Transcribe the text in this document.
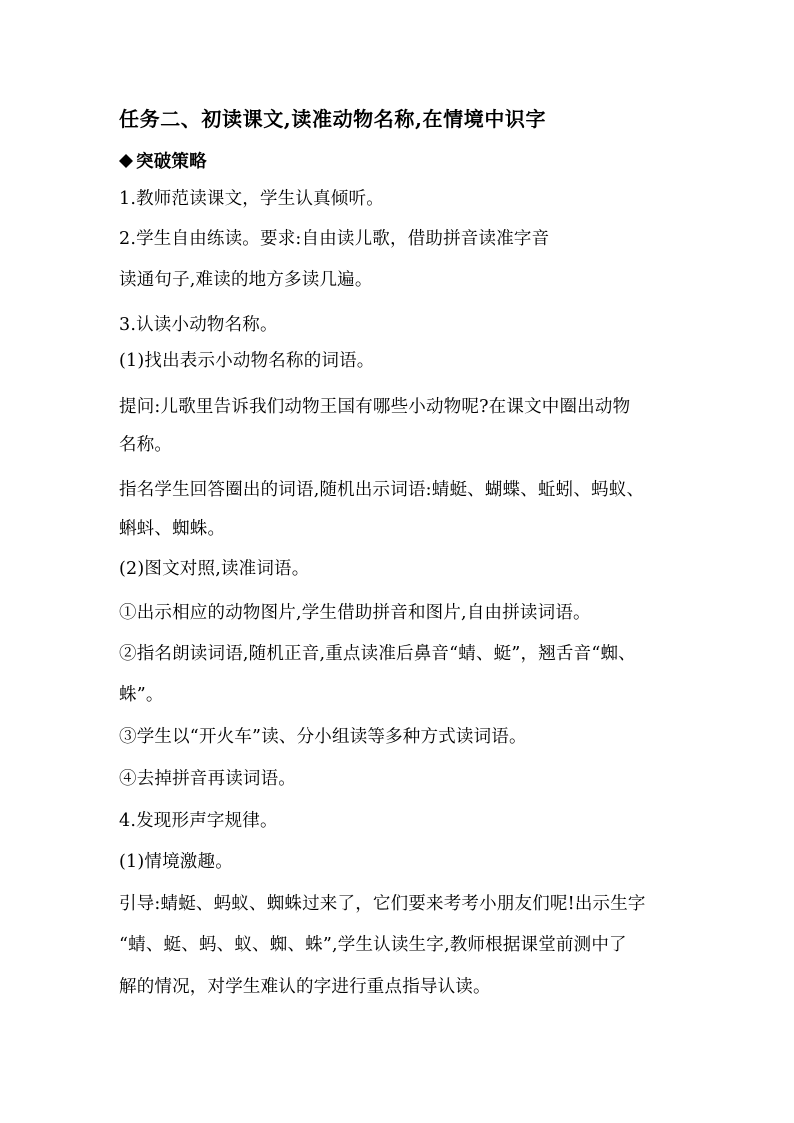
任务二、初读课文,读准动物名称,在情境中识字
突破策略
1.教师范读课文，学生认真倾听。
2.学生自由练读。要求:自由读儿歌，借助拼音读准字音
读通句子,难读的地方多读几遍。
3.认读小动物名称。
(1)找出表示小动物名称的词语。
提问:儿歌里告诉我们动物王国有哪些小动物呢?在课文中圈出动物
名称。
指名学生回答圈出的词语,随机出示词语:蜻蜓、蝴蝶、蚯蚓、蚂蚁、
蝌蚪、蜘蛛。
(2)图文对照,读准词语。
①出示相应的动物图片,学生借助拼音和图片,自由拼读词语。
②指名朗读词语,随机正音,重点读准后鼻音“蜻、蜓”，翘舌音“蜘、
蛛”。
③学生以“开火车”读、分小组读等多种方式读词语。
④去掉拼音再读词语。
4.发现形声字规律。
(1)情境激趣。
引导:蜻蜓、蚂蚁、蜘蛛过来了，它们要来考考小朋友们呢!出示生字
“蜻、蜓、蚂、蚁、蜘、蛛”,学生认读生字,教师根据课堂前测中了
解的情况，对学生难认的字进行重点指导认读。
